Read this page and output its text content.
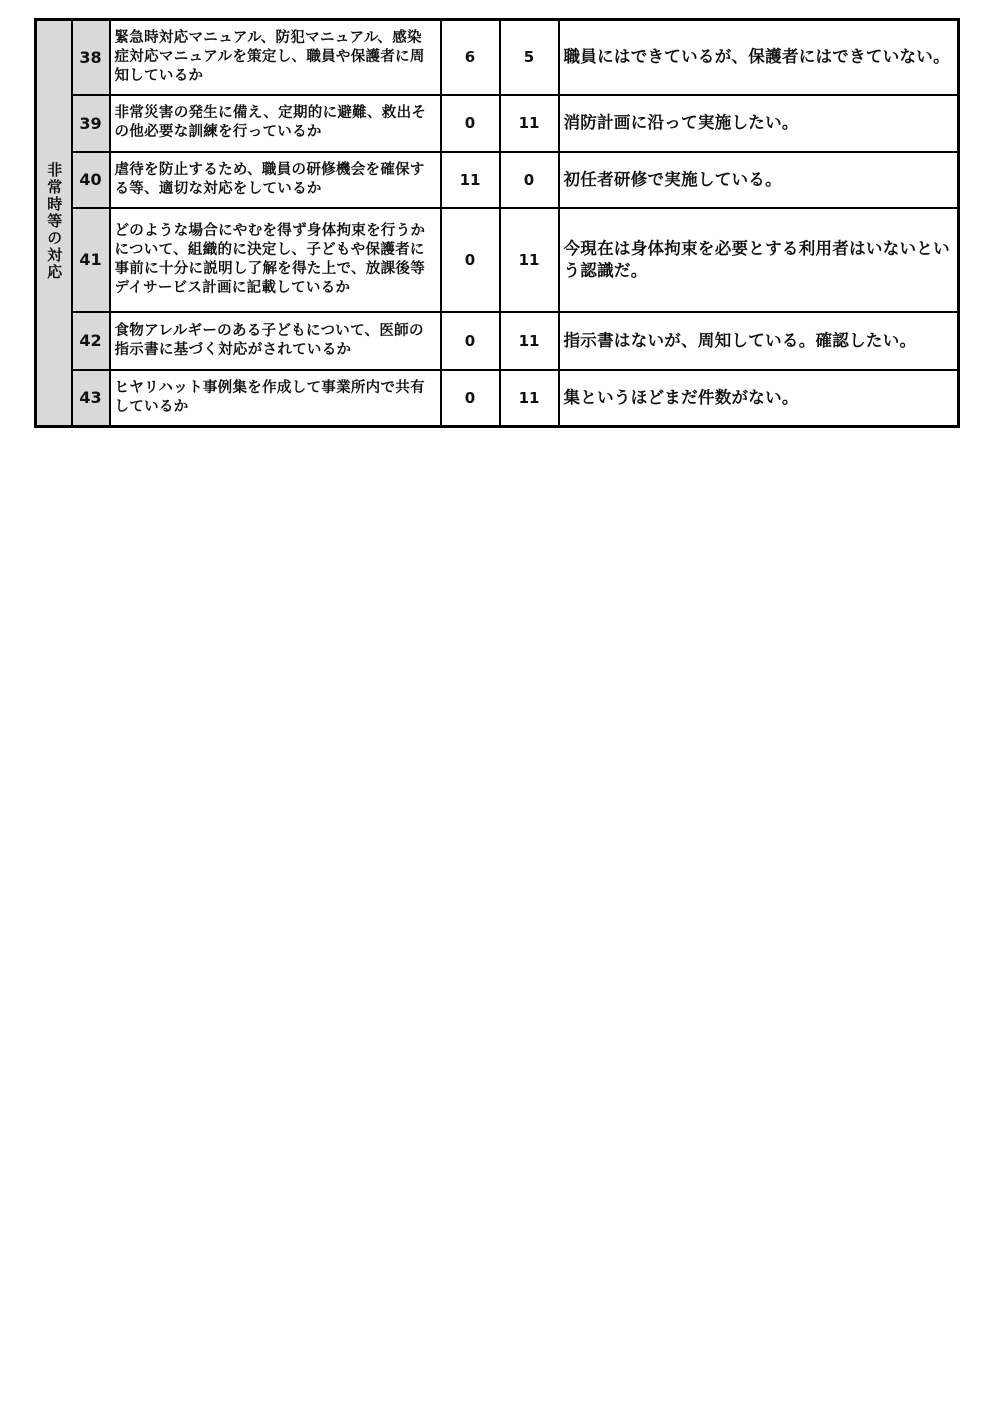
非常時等の対応	38	緊急時対応マニュアル、防犯マニュアル、感染症対応マニュアルを策定し、職員や保護者に周知しているか	6	5	職員にはできているが、保護者にはできていない。
	39	非常災害の発生に備え、定期的に避難、救出その他必要な訓練を行っているか	0	11	消防計画に沿って実施したい。
	40	虐待を防止するため、職員の研修機会を確保する等、適切な対応をしているか	11	0	初任者研修で実施している。
	41	どのような場合にやむを得ず身体拘束を行うかについて、組織的に決定し、子どもや保護者に事前に十分に説明し了解を得た上で、放課後等デイサービス計画に記載しているか	0	11	今現在は身体拘束を必要とする利用者はいないという認識だ。
	42	食物アレルギーのある子どもについて、医師の指示書に基づく対応がされているか	0	11	指示書はないが、周知している。確認したい。
	43	ヒヤリハット事例集を作成して事業所内で共有しているか	0	11	集というほどまだ件数がない。
